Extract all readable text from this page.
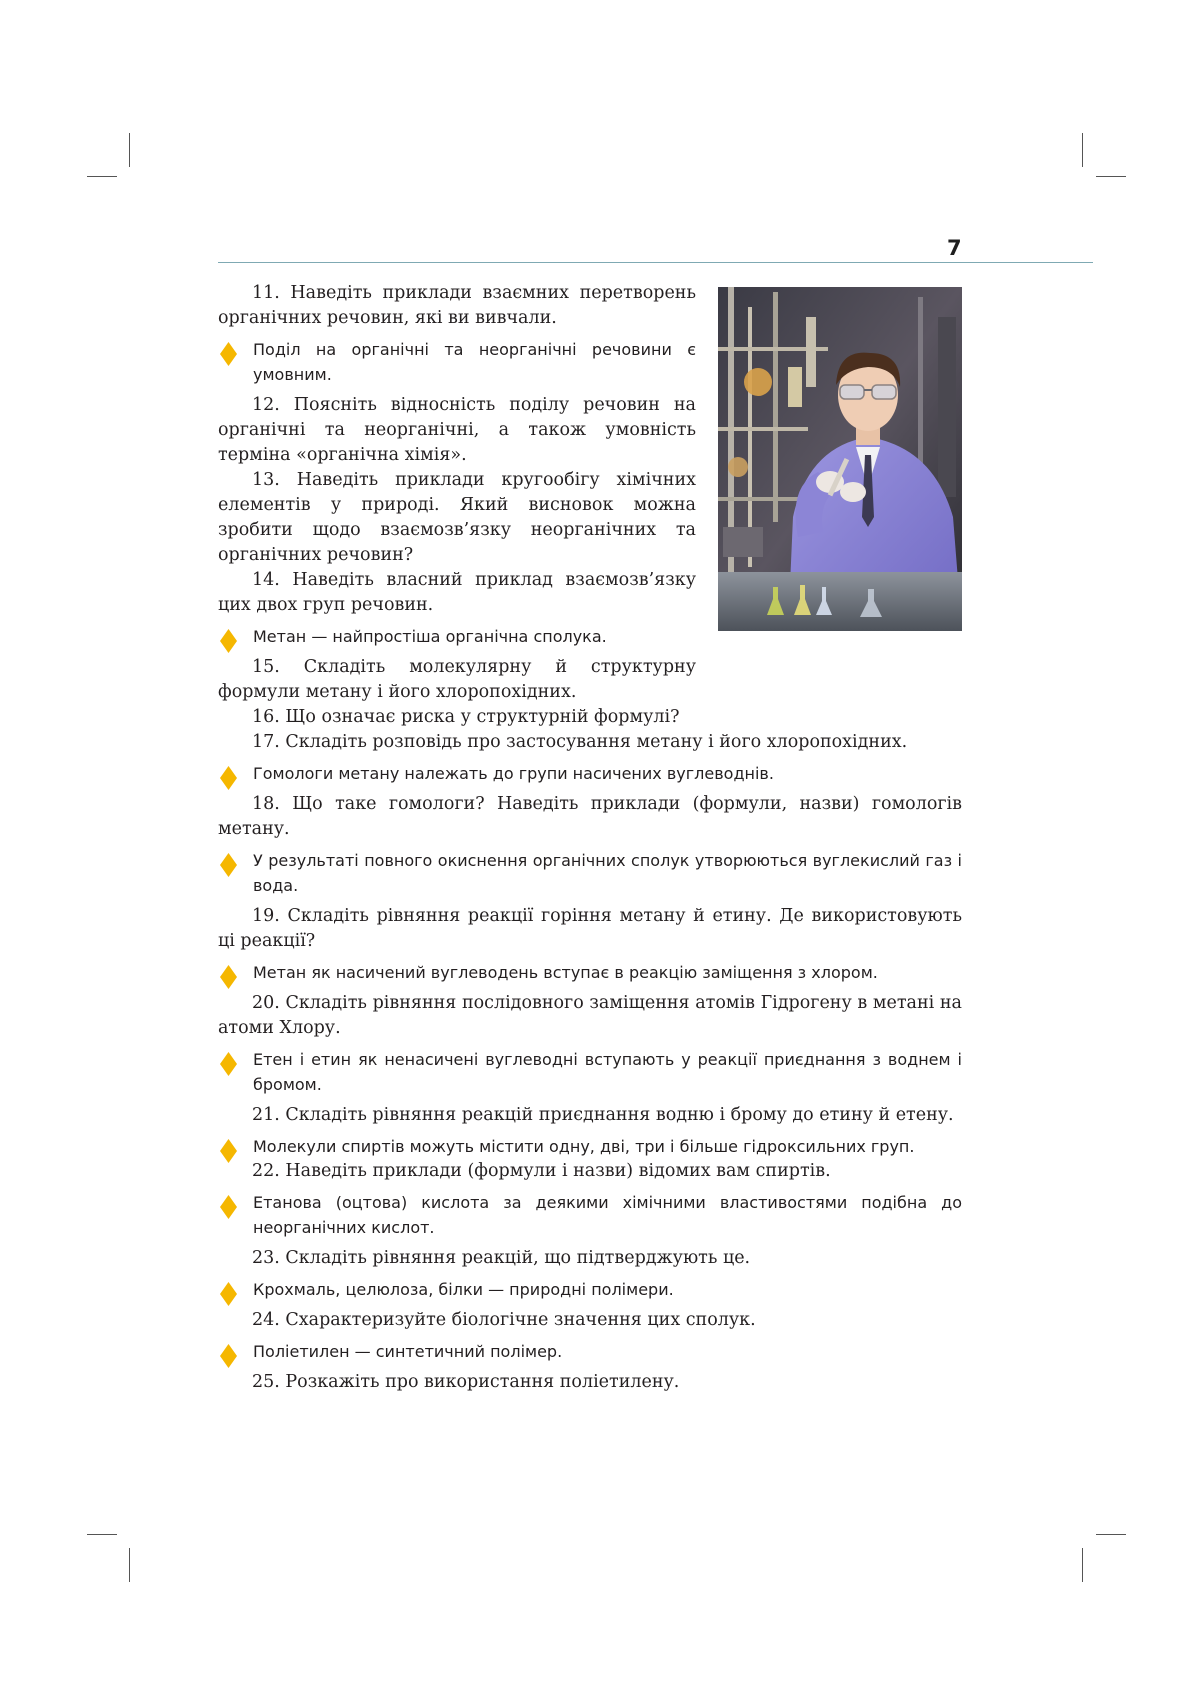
7

11. Наведіть приклади взаємних перетворень органічних речовин, які ви вивчали.

Поділ на органічні та неорганічні речовини є умовним.

12. Поясніть відносність поділу речовин на органічні та неорганічні, а також умовність терміна «органічна хімія».

13. Наведіть приклади кругообігу хімічних елементів у природі. Який висновок можна зробити щодо взаємозв’язку неорганічних та органічних речовин?

14. Наведіть власний приклад взаємозв’язку цих двох груп речовин.

Метан — найпростіша органічна сполука.

15. Складіть молекулярну й структурну формули метану і його хлоропохідних.

16. Що означає риска у структурній формулі?

17. Складіть розповідь про застосування метану і його хлоропохідних.

Гомологи метану належать до групи насичених вуглеводнів.

18. Що таке гомологи? Наведіть приклади (формули, назви) гомологів метану.

У результаті повного окиснення органічних сполук утворюються вуглекислий газ і вода.

19. Складіть рівняння реакції горіння метану й етину. Де використовують ці реакції?

Метан як насичений вуглеводень вступає в реакцію заміщення з хлором.

20. Складіть рівняння послідовного заміщення атомів Гідрогену в метані на атоми Хлору.

Етен і етин як ненасичені вуглеводні вступають у реакції приєднання з воднем і бромом.

21. Складіть рівняння реакцій приєднання водню і брому до етину й етену.

Молекули спиртів можуть містити одну, дві, три і більше гідроксильних груп.

22. Наведіть приклади (формули і назви) відомих вам спиртів.

Етанова (оцтова) кислота за деякими хімічними властивостями подібна до неорганічних кислот.

23. Складіть рівняння реакцій, що підтверджують це.

Крохмаль, целюлоза, білки — природні полімери.

24. Схарактеризуйте біологічне значення цих сполук.

Поліетилен — синтетичний полімер.

25. Розкажіть про використання поліетилену.
